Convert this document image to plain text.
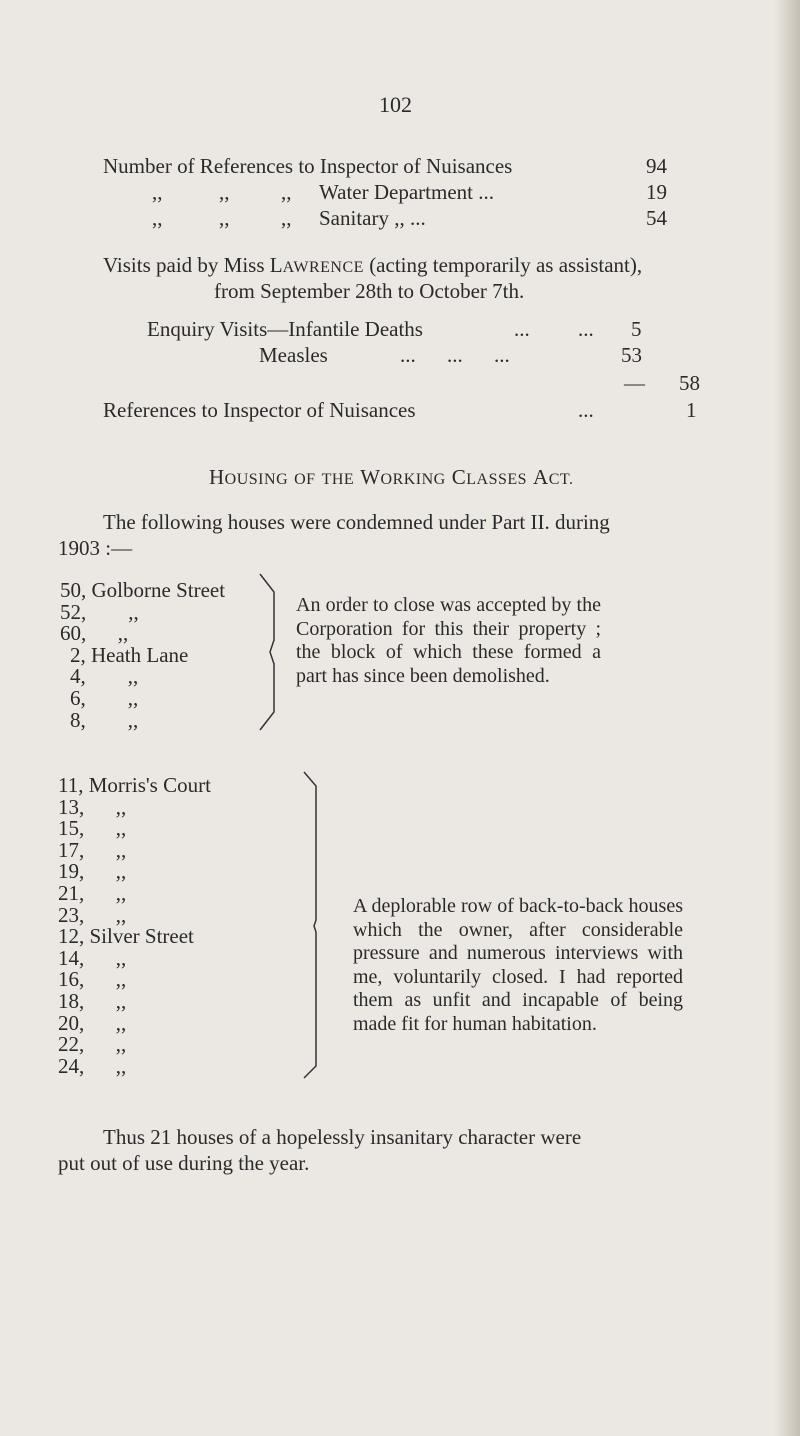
102
Number of References to Inspector of Nuisances	94
,,	,, ,, Water Department ...	19
,,	,, ,, Sanitary ,, ...	54
Visits paid by Miss LAWRENCE (acting temporarily as assistant),
from September 28th to October 7th.
Enquiry Visits—Infantile Deaths	... ... 5
Measles	... ... ...	53
— 58
References to Inspector of Nuisances	...	1
HOUSING OF THE WORKING CLASSES ACT.
The following houses were condemned under Part II. during
1903 :—
50, Golborne Street
52,        ,,
60,      ,,
2, Heath Lane
4,        ,,
6,        ,,
8,        ,,
An order to close was accepted by the Corporation for this their property ; the block of which these formed a part has since been demolished.
11, Morris's Court
13,      ,,
15,      ,,
17,      ,,
19,      ,,
21,      ,,
23,      ,,
12, Silver Street
14,      ,,
16,      ,,
18,      ,,
20,      ,,
22,      ,,
24,      ,,
A deplorable row of back-to-back houses which the owner, after considerable pressure and numerous interviews with me, voluntarily closed. I had reported them as unfit and incapable of being made fit for human habitation.
Thus 21 houses of a hopelessly insanitary character were
put out of use during the year.
